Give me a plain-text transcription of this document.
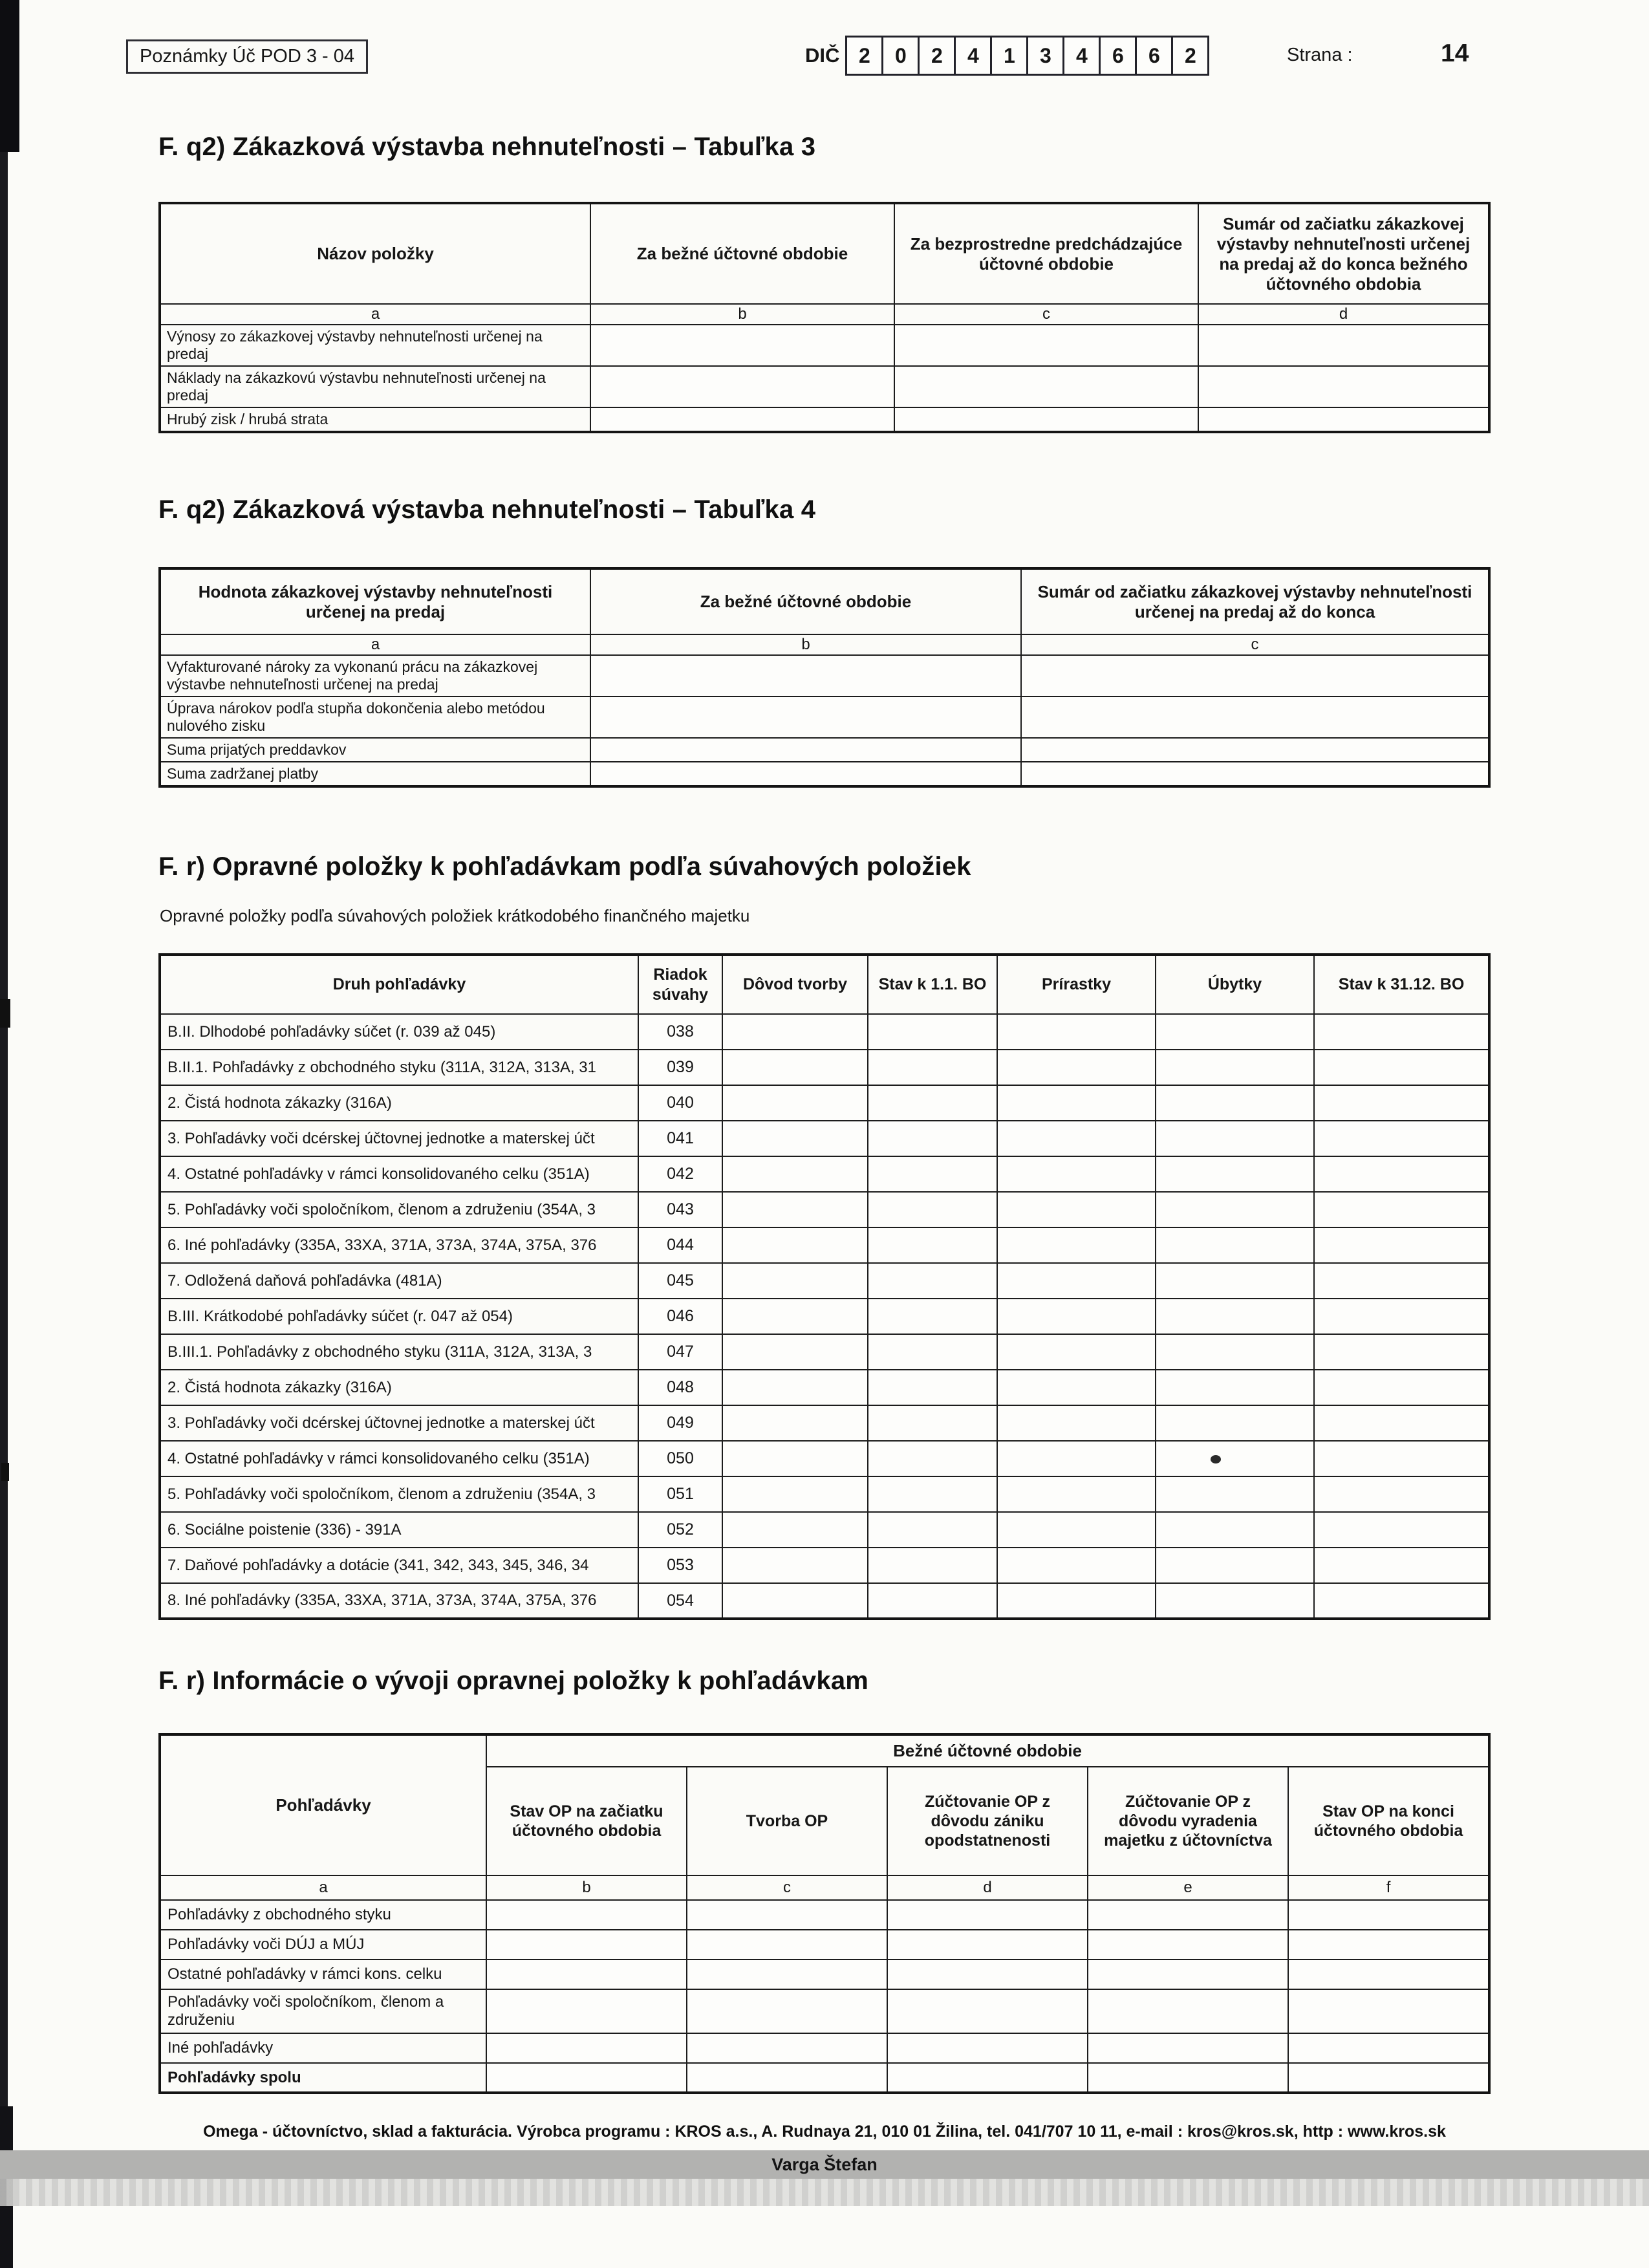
Poznámky Úč POD 3 - 04	DIČ 2	0	2	4	1	3	4	6	6	2	Strana :	14
F. q2) Zákazková výstavba nehnuteľnosti – Tabuľka 3
Názov položky	Za bežné účtovné obdobie	Za bezprostredne predchádzajúce účtovné obdobie	Sumár od začiatku zákazkovej výstavby nehnuteľnosti určenej na predaj až do konca bežného účtovného obdobia
a	b	c	d
Výnosy zo zákazkovej výstavby nehnuteľnosti určenej na predaj			
Náklady na zákazkovú výstavbu nehnuteľnosti určenej na predaj			
Hrubý zisk / hrubá strata			
F. q2) Zákazková výstavba nehnuteľnosti – Tabuľka 4
Hodnota zákazkovej výstavby nehnuteľnosti určenej na predaj	Za bežné účtovné obdobie	Sumár od začiatku zákazkovej výstavby nehnuteľnosti určenej na predaj až do konca
a	b	c
Vyfakturované nároky za vykonanú prácu na zákazkovej výstavbe nehnuteľnosti určenej na predaj		
Úprava nárokov podľa stupňa dokončenia alebo metódou nulového zisku		
Suma prijatých preddavkov		
Suma zadržanej platby		
F. r) Opravné položky k pohľadávkam podľa súvahových položiek
Opravné položky podľa súvahových položiek krátkodobého finančného majetku
Druh pohľadávky	Riadok súvahy	Dôvod tvorby	Stav k 1.1. BO	Prírastky	Úbytky	Stav k 31.12. BO
B.II. Dlhodobé pohľadávky súčet (r. 039 až 045)	038					
B.II.1. Pohľadávky z obchodného styku (311A, 312A, 313A, 31	039					
2. Čistá hodnota zákazky (316A)	040					
3. Pohľadávky voči dcérskej účtovnej jednotke a materskej účt	041					
4. Ostatné pohľadávky v rámci konsolidovaného celku (351A)	042					
5. Pohľadávky voči spoločníkom, členom a združeniu (354A, 3	043					
6. Iné pohľadávky (335A, 33XA, 371A, 373A, 374A, 375A, 376	044					
7. Odložená daňová pohľadávka (481A)	045					
B.III. Krátkodobé pohľadávky súčet (r. 047 až 054)	046					
B.III.1. Pohľadávky z obchodného styku (311A, 312A, 313A, 3	047					
2. Čistá hodnota zákazky (316A)	048					
3. Pohľadávky voči dcérskej účtovnej jednotke a materskej účt	049					
4. Ostatné pohľadávky v rámci konsolidovaného celku (351A)	050					
5. Pohľadávky voči spoločníkom, členom a združeniu (354A, 3	051					
6. Sociálne poistenie (336) - 391A	052					
7. Daňové pohľadávky a dotácie (341, 342, 343, 345, 346, 34	053					
8. Iné pohľadávky (335A, 33XA, 371A, 373A, 374A, 375A, 376	054					
F. r) Informácie o vývoji opravnej položky k pohľadávkam
Pohľadávky	Bežné účtovné obdobie				
	Stav OP na začiatku účtovného obdobia	Tvorba OP	Zúčtovanie OP z dôvodu zániku opodstatnenosti	Zúčtovanie OP z dôvodu vyradenia majetku z účtovníctva	Stav OP na konci účtovného obdobia
a	b	c	d	e	f
Pohľadávky z obchodného styku					
Pohľadávky voči DÚJ a MÚJ					
Ostatné pohľadávky v rámci kons. celku					
Pohľadávky voči spoločníkom, členom a združeniu					
Iné pohľadávky					
Pohľadávky spolu					
Omega - účtovníctvo, sklad a fakturácia. Výrobca programu : KROS a.s., A. Rudnaya 21, 010 01 Žilina, tel. 041/707 10 11, e-mail : kros@kros.sk, http : www.kros.sk
Varga Štefan
